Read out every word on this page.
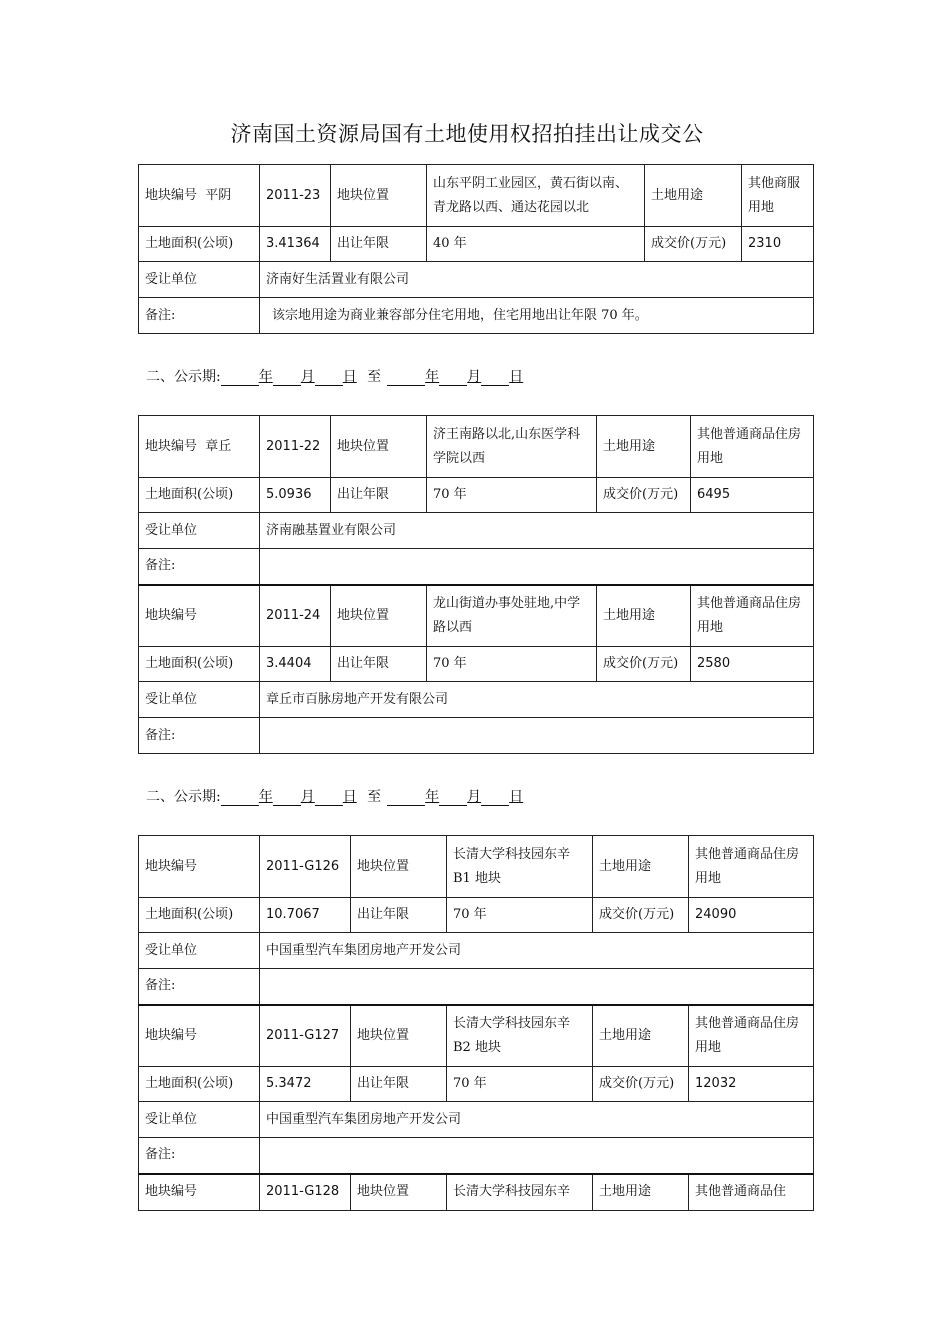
济南国土资源局国有土地使用权招拍挂出让成交公
地块编号  平阴	2011-23	地块位置	山东平阴工业园区，黄石街以南、青龙路以西、通达花园以北	土地用途	其他商服用地
土地面积(公顷)	3.41364	出让年限	40 年	成交价(万元)	2310
受让单位	济南好生活置业有限公司				
备注:	该宗地用途为商业兼容部分住宅用地，住宅用地出让年限 70 年。				
二、公示期:	年 月 日 至	年 月 日
地块编号  章丘	2011-22	地块位置	济王南路以北,山东医学科学院以西	土地用途	其他普通商品住房用地
土地面积(公顷)	5.0936	出让年限	70 年	成交价(万元)	6495
受让单位	济南融基置业有限公司				
备注:					
地块编号	2011-24	地块位置	龙山街道办事处驻地,中学路以西	土地用途	其他普通商品住房用地
土地面积(公顷)	3.4404	出让年限	70 年	成交价(万元)	2580
受让单位	章丘市百脉房地产开发有限公司				
备注:					
二、公示期:	年 月 日 至	年 月 日
地块编号	2011-G126	地块位置	长清大学科技园东辛 B1 地块	土地用途	其他普通商品住房用地
土地面积(公顷)	10.7067	出让年限	70 年	成交价(万元)	24090
受让单位	中国重型汽车集团房地产开发公司				
备注:					
地块编号	2011-G127	地块位置	长清大学科技园东辛 B2 地块	土地用途	其他普通商品住房用地
土地面积(公顷)	5.3472	出让年限	70 年	成交价(万元)	12032
受让单位	中国重型汽车集团房地产开发公司				
备注:					
地块编号	2011-G128	地块位置	长清大学科技园东辛	土地用途	其他普通商品住
